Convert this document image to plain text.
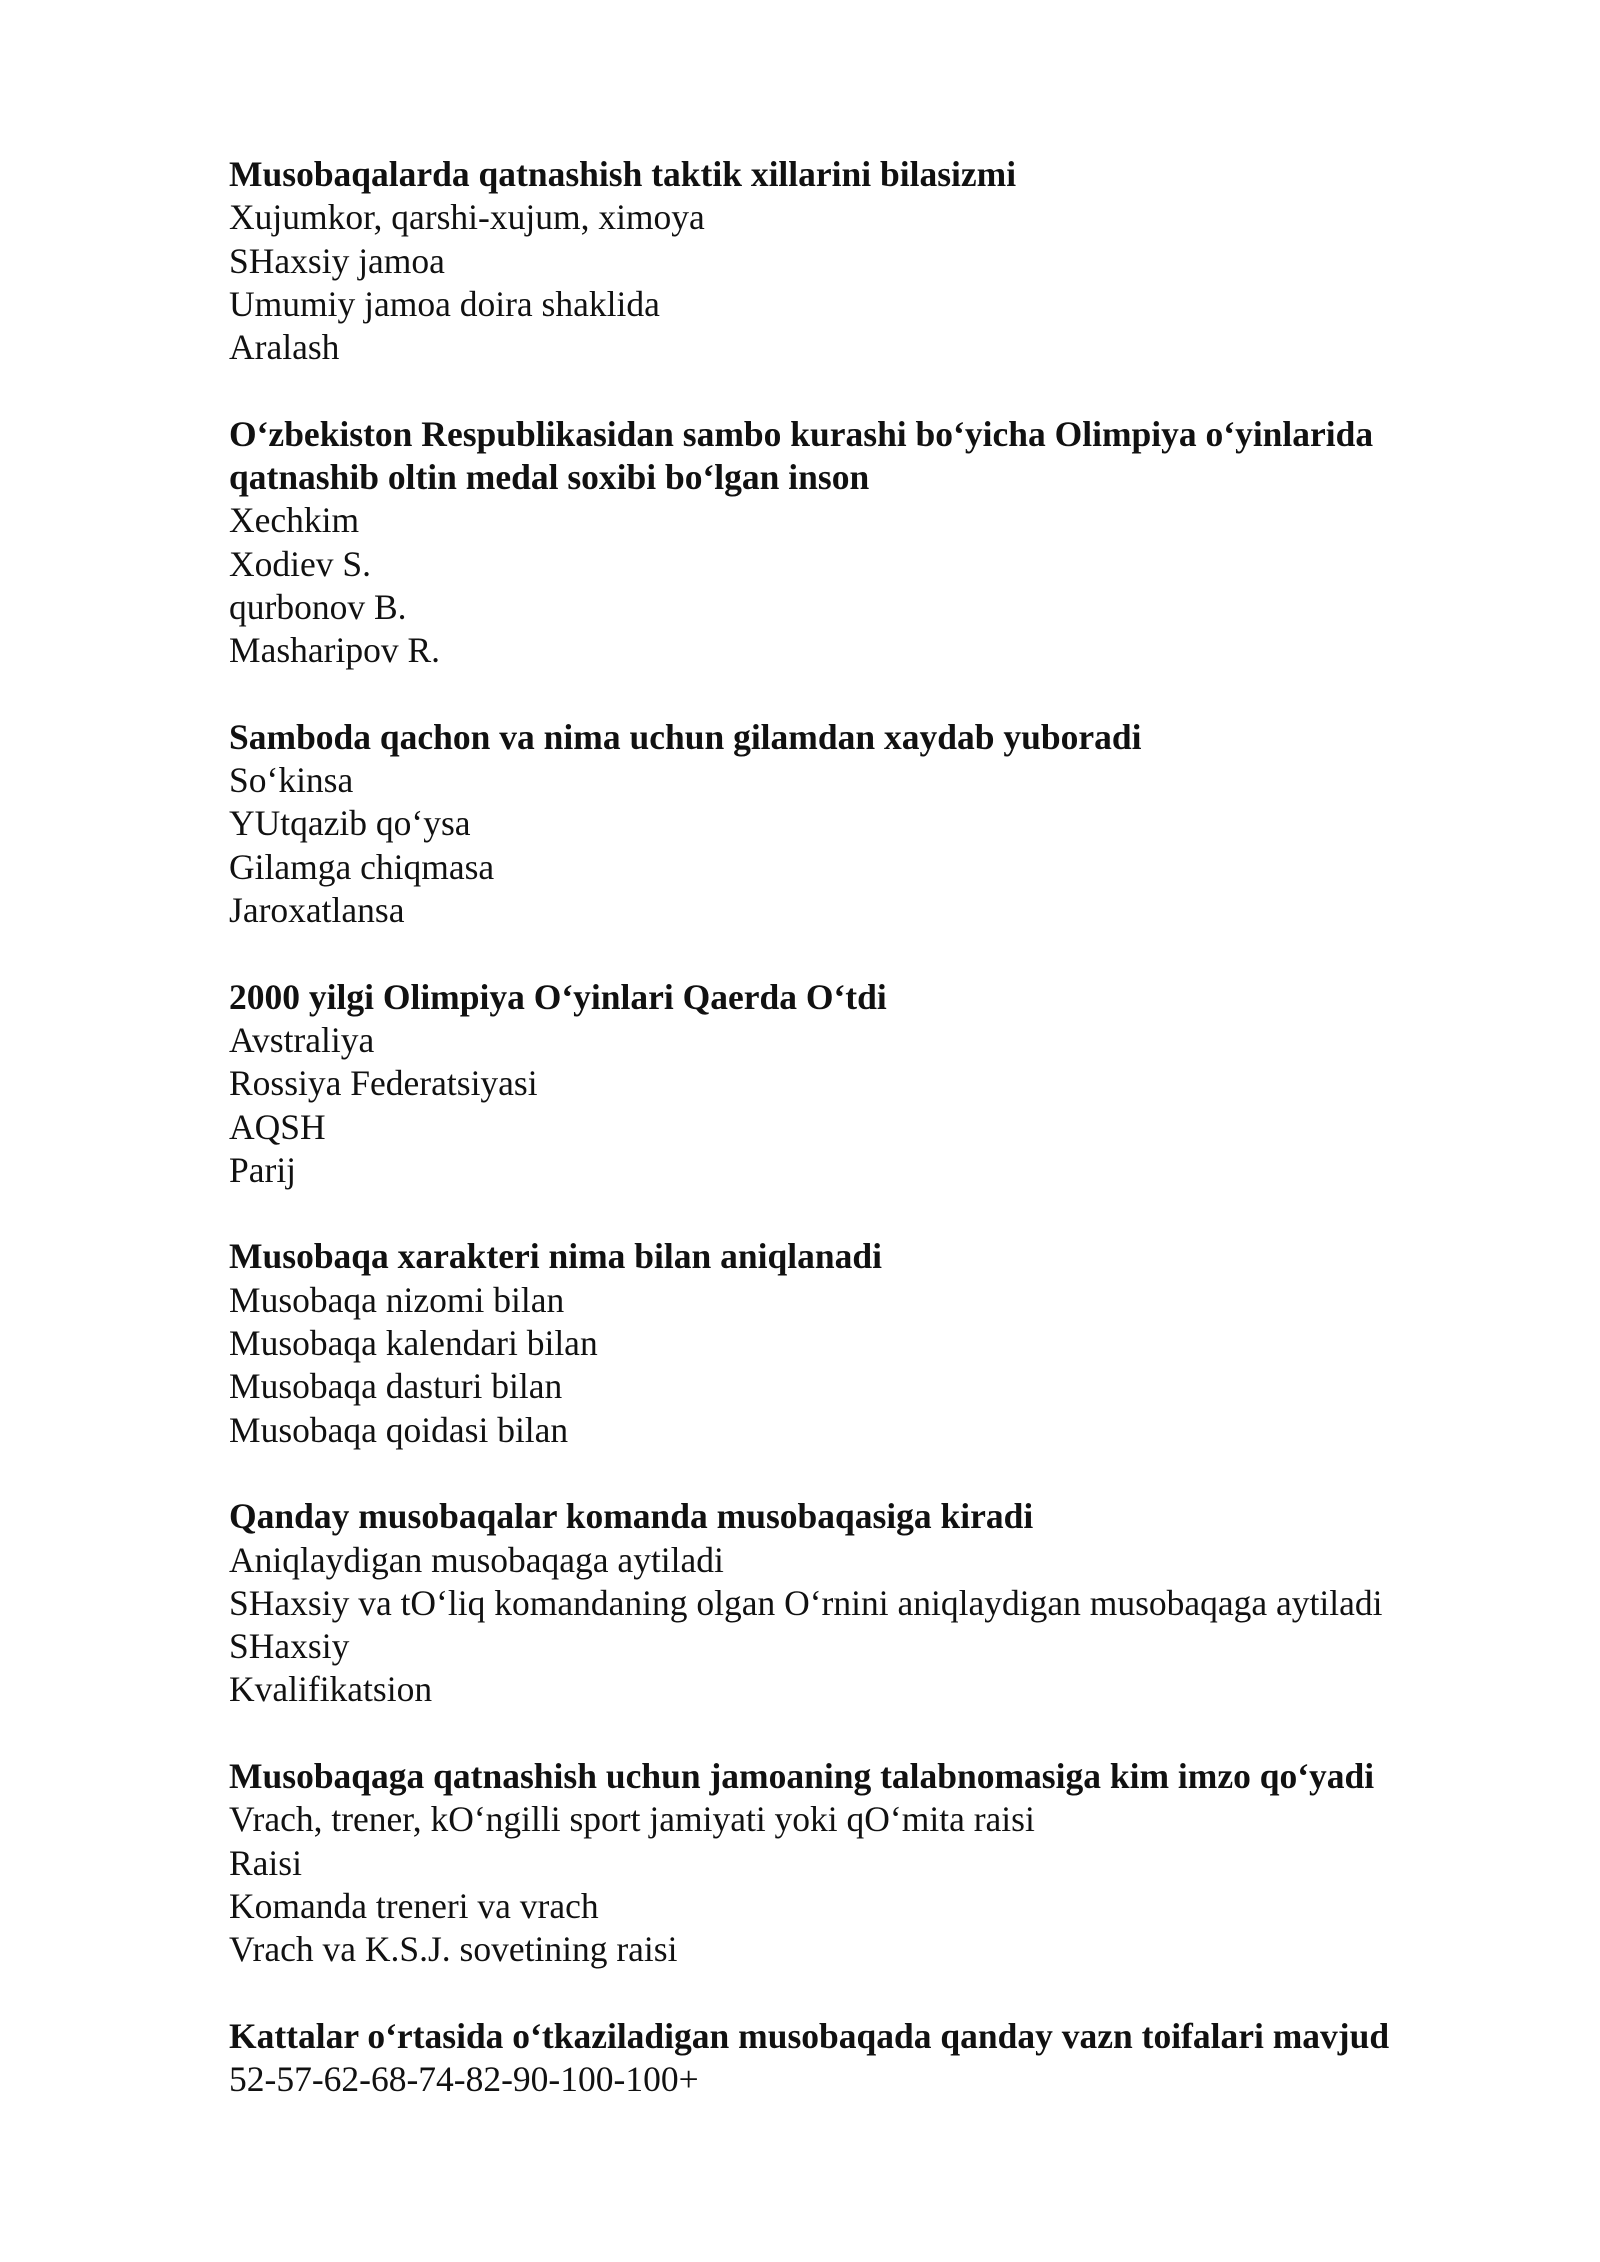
Musobaqalarda qatnashish taktik xillarini bilasizmi

Xujumkor, qarshi-xujum, ximoya

SHaxsiy jamoa

Umumiy jamoa doira shaklida

Aralash

O‘zbekiston Respublikasidan sambo kurashi bo‘yicha Olimpiya o‘yinlarida qatnashib oltin medal soxibi bo‘lgan inson

Xechkim

Xodiev S.

qurbonov B.

Masharipov R.

Samboda qachon va nima uchun gilamdan xaydab yuboradi

So‘kinsa

YUtqazib qo‘ysa

Gilamga chiqmasa

Jaroxatlansa

2000 yilgi Olimpiya O‘yinlari Qaerda O‘tdi

Avstraliya

Rossiya Federatsiyasi

AQSH

Parij

Musobaqa xarakteri nima bilan aniqlanadi

Musobaqa nizomi bilan

Musobaqa kalendari bilan

Musobaqa dasturi bilan

Musobaqa qoidasi bilan

Qanday musobaqalar komanda musobaqasiga kiradi

Aniqlaydigan musobaqaga aytiladi

SHaxsiy va tO‘liq komandaning olgan O‘rnini aniqlaydigan musobaqaga aytiladi

SHaxsiy

Kvalifikatsion

Musobaqaga qatnashish uchun jamoaning talabnomasiga kim imzo qo‘yadi

Vrach, trener, kO‘ngilli sport jamiyati yoki qO‘mita raisi

Raisi

Komanda treneri va vrach

Vrach va K.S.J. sovetining raisi

Kattalar o‘rtasida o‘tkaziladigan musobaqada qanday vazn toifalari mavjud

52-57-62-68-74-82-90-100-100+
